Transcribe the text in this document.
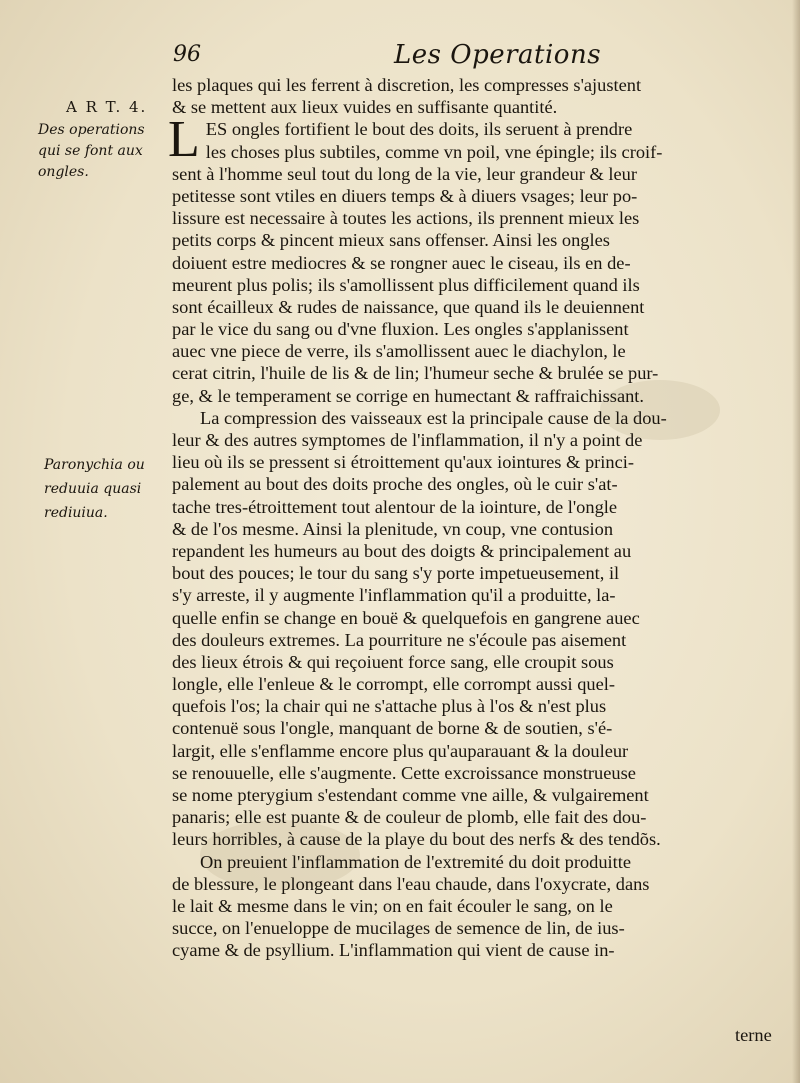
96	Les Operations
A R T. 4.
Des operations
qui se font aux
ongles.
Paronychia ou
reduuia quasi
rediuiua.
les plaques qui les ferrent à discretion, les compresses s'ajustent
& se mettent aux lieux vuides en suffisante quantité.
L ES ongles fortifient le bout des doits, ils seruent à prendre
les choses plus subtiles, comme vn poil, vne épingle; ils croif-
sent à l'homme seul tout du long de la vie, leur grandeur & leur
petitesse sont vtiles en diuers temps & à diuers vsages; leur po-
lissure est necessaire à toutes les actions, ils prennent mieux les
petits corps & pincent mieux sans offenser. Ainsi les ongles
doiuent estre mediocres & se rongner auec le ciseau, ils en de-
meurent plus polis; ils s'amollissent plus difficilement quand ils
sont écailleux & rudes de naissance, que quand ils le deuiennent
par le vice du sang ou d'vne fluxion. Les ongles s'applanissent
auec vne piece de verre, ils s'amollissent auec le diachylon, le
cerat citrin, l'huile de lis & de lin; l'humeur seche & brulée se pur-
ge, & le temperament se corrige en humectant & raffraichissant.
La compression des vaisseaux est la principale cause de la dou-
leur & des autres symptomes de l'inflammation, il n'y a point de
lieu où ils se pressent si étroittement qu'aux iointures & princi-
palement au bout des doits proche des ongles, où le cuir s'at-
tache tres-étroittement tout alentour de la iointure, de l'ongle
& de l'os mesme. Ainsi la plenitude, vn coup, vne contusion
repandent les humeurs au bout des doigts & principalement au
bout des pouces; le tour du sang s'y porte impetueusement, il
s'y arreste, il y augmente l'inflammation qu'il a produitte, la-
quelle enfin se change en bouë & quelquefois en gangrene auec
des douleurs extremes. La pourriture ne s'écoule pas aisement
des lieux étrois & qui reçoiuent force sang, elle croupit sous
longle, elle l'enleue & le corrompt, elle corrompt aussi quel-
quefois l'os; la chair qui ne s'attache plus à l'os & n'est plus
contenuë sous l'ongle, manquant de borne & de soutien, s'é-
largit, elle s'enflamme encore plus qu'auparauant & la douleur
se renouuelle, elle s'augmente. Cette excroissance monstrueuse
se nome pterygium s'estendant comme vne aille, & vulgairement
panaris; elle est puante & de couleur de plomb, elle fait des dou-
leurs horribles, à cause de la playe du bout des nerfs & des tendõs.
On preuient l'inflammation de l'extremité du doit produitte
de blessure, le plongeant dans l'eau chaude, dans l'oxycrate, dans
le lait & mesme dans le vin; on en fait écouler le sang, on le
succe, on l'enueloppe de mucilages de semence de lin, de ius-
cyame & de psyllium. L'inflammation qui vient de cause in-
terne
